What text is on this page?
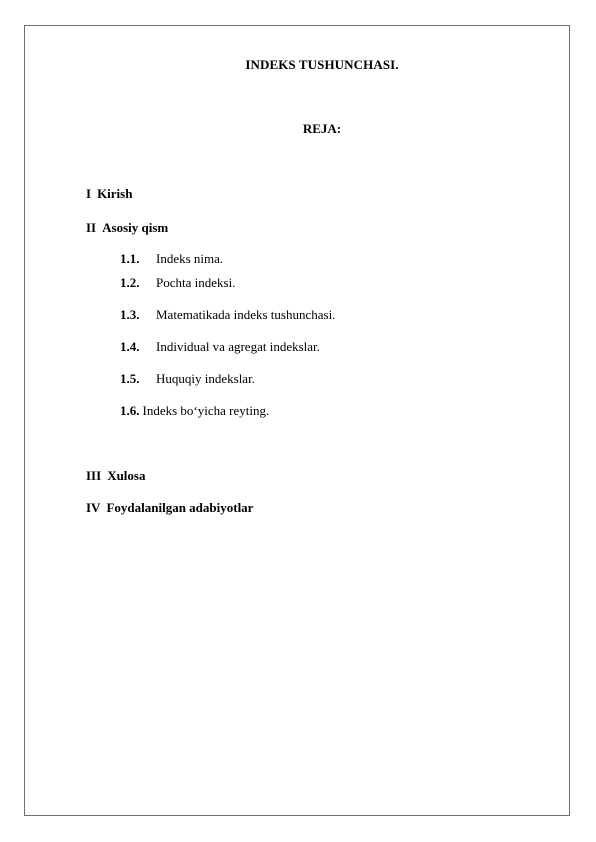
INDEKS TUSHUNCHASI.
REJA:
I Kirish
II Asosiy qism
1.1. Indeks nima.
1.2. Pochta indeksi.
1.3. Matematikada indeks tushunchasi.
1.4. Individual va agregat indekslar.
1.5. Huquqiy indekslar.
1.6. Indeks bo‘yicha reyting.
III Xulosa
IV Foydalanilgan adabiyotlar
